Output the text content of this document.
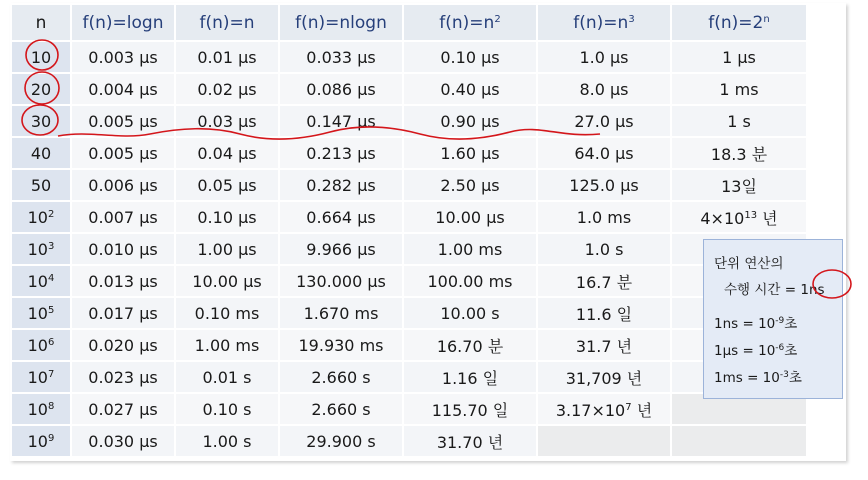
n	f(n)=logn	f(n)=n	f(n)=nlogn	$f(n)=n^2$	$f(n)=n^3$	$f(n)=2^n$
10	0.003 μs	0.01 μs	0.033 μs	0.10 μs	1.0 μs	1 μs
20	0.004 μs	0.02 μs	0.086 μs	0.40 μs	8.0 μs	1 ms
30	0.005 μs	0.03 μs	0.147 μs	0.90 μs	27.0 μs	1 s
40	0.005 μs	0.04 μs	0.213 μs	1.60 μs	64.0 μs	18.3 분
50	0.006 μs	0.05 μs	0.282 μs	2.50 μs	125.0 μs	13일
$10^2$	0.007 μs	0.10 μs	0.664 μs	10.00 μs	1.0 ms	$4\times 10^{13}$ 년
$10^3$	0.010 μs	1.00 μs	9.966 μs	1.00 ms	1.0 s	
$10^4$	0.013 μs	10.00 μs	130.000 μs	100.00 ms	16.7 분	
$10^5$	0.017 μs	0.10 ms	1.670 ms	10.00 s	11.6 일	
$10^6$	0.020 μs	1.00 ms	19.930 ms	16.70 분	31.7 년	
$10^7$	0.023 μs	0.01 s	2.660 s	1.16 일	31,709 년	
$10^8$	0.027 μs	0.10 s	2.660 s	115.70 일	$3.17\times 10^7$ 년	
$10^9$	0.030 μs	1.00 s	29.900 s	31.70 년		
단위 연산의
수행 시간 = 1ns
$1ns = 10^{-9}$초
$1\mu s = 10^{-6}$초
$1ms = 10^{-3}$초
